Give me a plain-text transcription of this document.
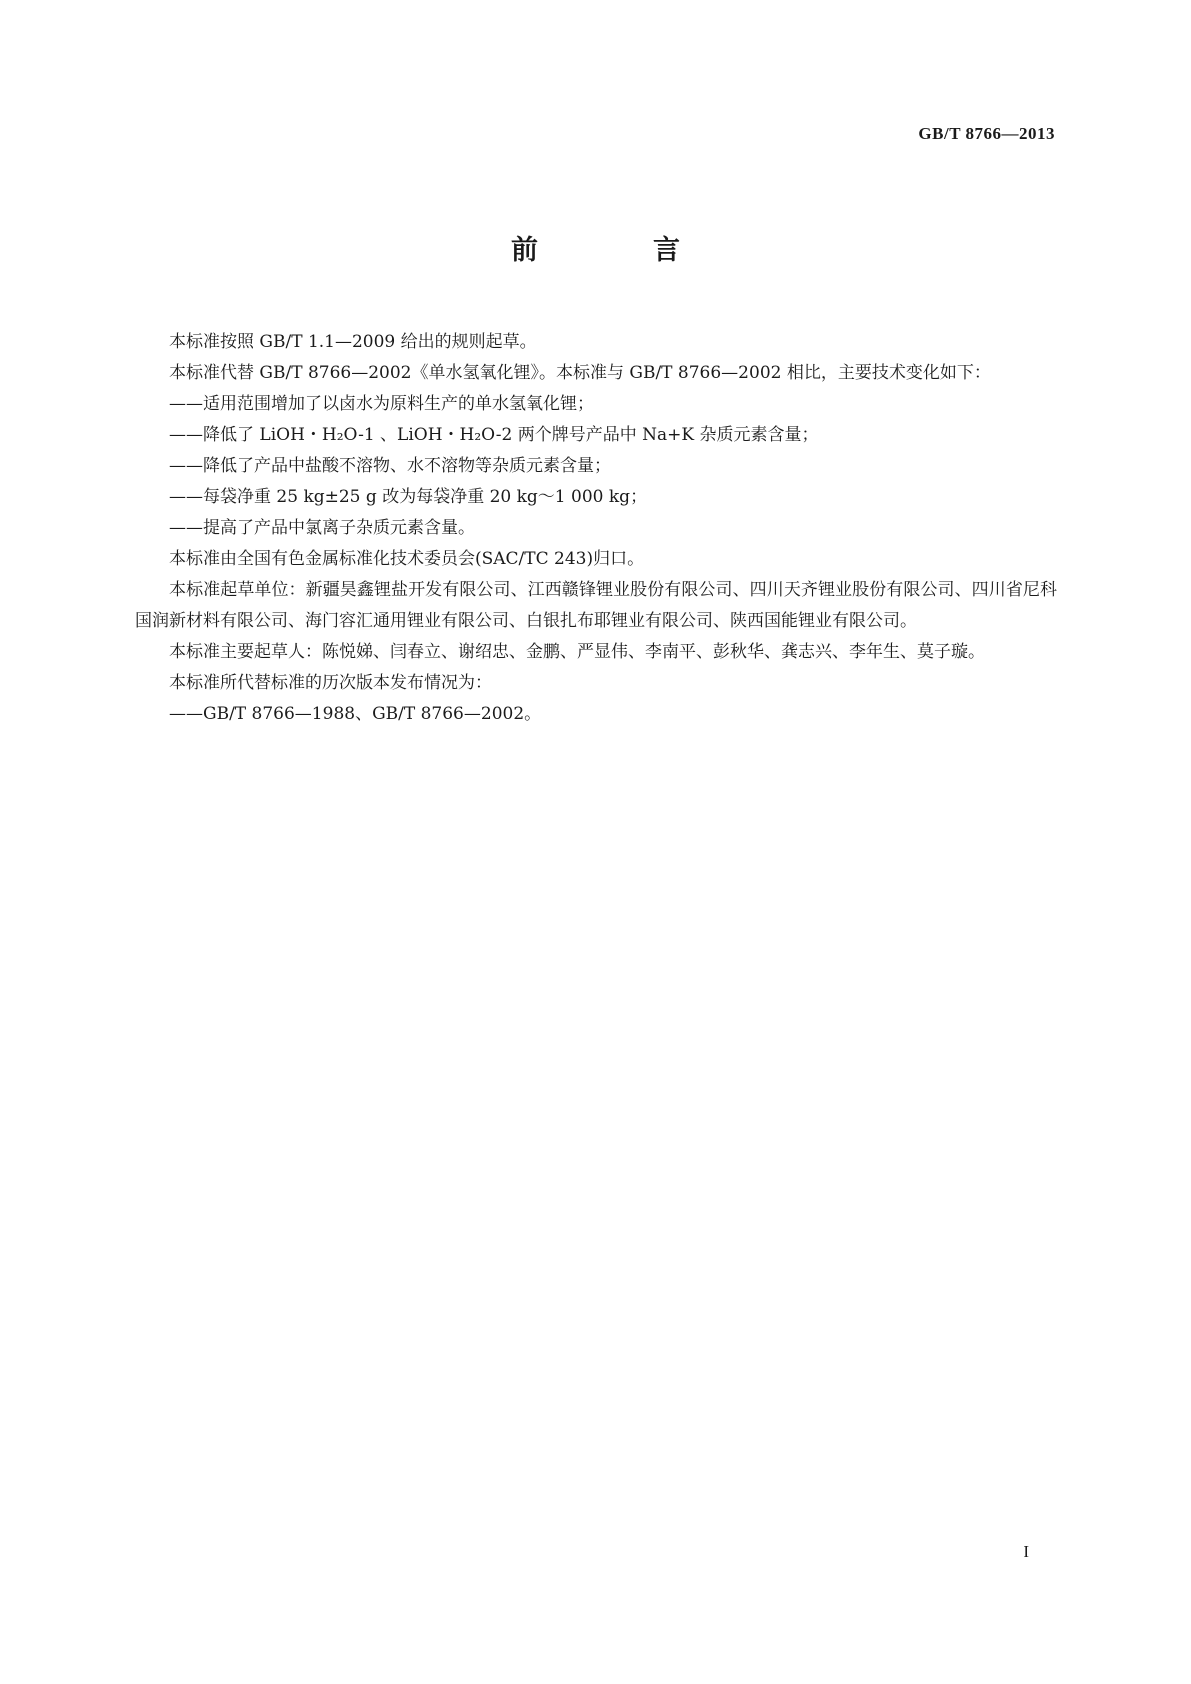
GB/T 8766—2013
前　言

本标准按照 GB/T 1.1—2009 给出的规则起草。

本标准代替 GB/T 8766—2002《单水氢氧化锂》。本标准与 GB/T 8766—2002 相比，主要技术变化如下：

——适用范围增加了以卤水为原料生产的单水氢氧化锂；

——降低了 LiOH・H₂O-1 、LiOH・H₂O-2 两个牌号产品中 Na+K 杂质元素含量；

——降低了产品中盐酸不溶物、水不溶物等杂质元素含量；

——每袋净重 25 kg±25 g 改为每袋净重 20 kg～1 000 kg；

——提高了产品中氯离子杂质元素含量。

本标准由全国有色金属标准化技术委员会(SAC/TC 243)归口。

本标准起草单位：新疆昊鑫锂盐开发有限公司、江西赣锋锂业股份有限公司、四川天齐锂业股份有限公司、四川省尼科国润新材料有限公司、海门容汇通用锂业有限公司、白银扎布耶锂业有限公司、陕西国能锂业有限公司。

本标准主要起草人：陈悦娣、闫春立、谢绍忠、金鹏、严显伟、李南平、彭秋华、龚志兴、李年生、莫子璇。

本标准所代替标准的历次版本发布情况为：

——GB/T 8766—1988、GB/T 8766—2002。

I
